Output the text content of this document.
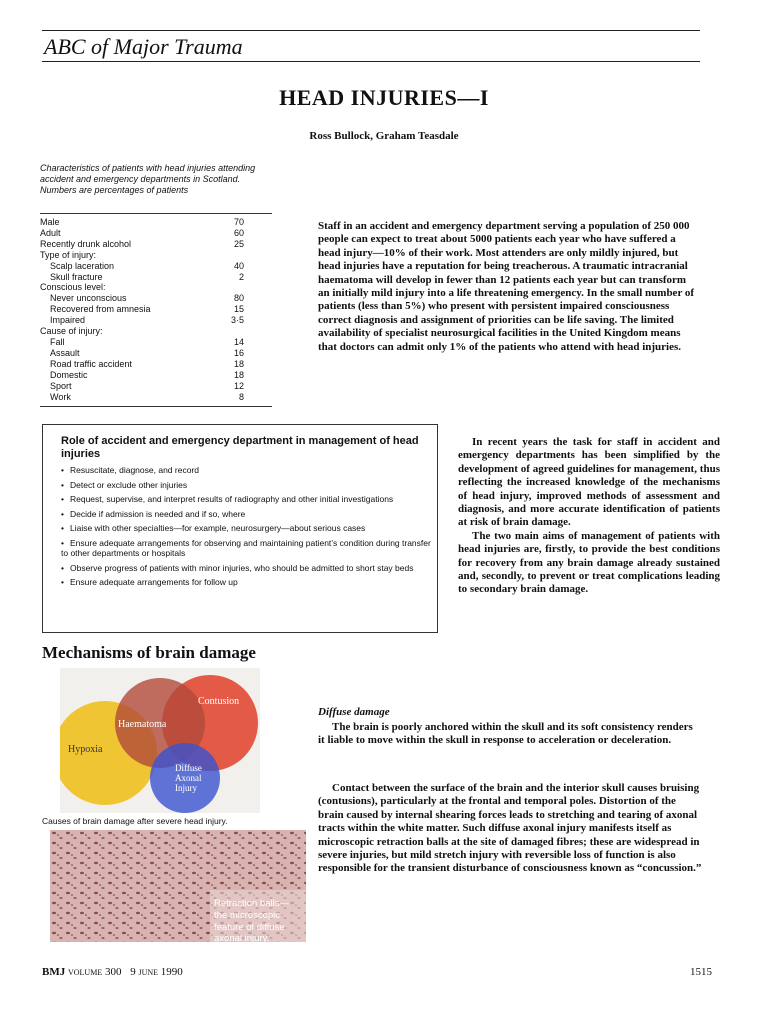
ABC of Major Trauma
HEAD INJURIES—I
Ross Bullock, Graham Teasdale
Characteristics of patients with head injuries attending accident and emergency departments in Scotland. Numbers are percentages of patients
Male	70
Adult	60
Recently drunk alcohol	25
Type of injury:
Scalp laceration	40
Skull fracture	2
Conscious level:
Never unconscious	80
Recovered from amnesia	15
Impaired	3·5
Cause of injury:
Fall	14
Assault	16
Road traffic accident	18
Domestic	18
Sport	12
Work	8
Staff in an accident and emergency department serving a population of 250 000 people can expect to treat about 5000 patients each year who have suffered a head injury—10% of their work. Most attenders are only mildly injured, but head injuries have a reputation for being treacherous. A traumatic intracranial haematoma will develop in fewer than 12 patients each year but can transform an initially mild injury into a life threatening emergency. In the small number of patients (less than 5%) who present with persistent impaired consciousness correct diagnosis and assignment of priorities can be life saving. The limited availability of specialist neurosurgical facilities in the United Kingdom means that doctors can admit only 1% of the patients who attend with head injuries.
Role of accident and emergency department in management of head injuries
• Resuscitate, diagnose, and record
• Detect or exclude other injuries
• Request, supervise, and interpret results of radiography and other initial investigations
• Decide if admission is needed and if so, where
• Liaise with other specialties—for example, neurosurgery—about serious cases
• Ensure adequate arrangements for observing and maintaining patient’s condition during transfer to other departments or hospitals
• Observe progress of patients with minor injuries, who should be admitted to short stay beds
• Ensure adequate arrangements for follow up

In recent years the task for staff in accident and emergency departments has been simplified by the development of agreed guidelines for management, thus reflecting the increased knowledge of the mechanisms of head injury, improved methods of assessment and diagnosis, and more accurate identification of patients at risk of brain damage.

The two main aims of management of patients with head injuries are, firstly, to provide the best conditions for recovery from any brain damage already sustained and, secondly, to prevent or treat complications leading to secondary brain damage.

Mechanisms of brain damage
Contusion
Haematoma
Hypoxia
Diffuse
Axonal
Injury
Causes of brain damage after severe head injury.
Retraction balls—
the microscopic
feature of diffuse
axonal injury.
Diffuse damage
The brain is poorly anchored within the skull and its soft consistency renders it liable to move within the skull in response to acceleration or deceleration.
Contact between the surface of the brain and the interior skull causes bruising (contusions), particularly at the frontal and temporal poles. Distortion of the brain caused by internal shearing forces leads to stretching and tearing of axonal tracts within the white matter. Such diffuse axonal injury manifests itself as microscopic retraction balls at the site of damaged fibres; these are widespread in severe injuries, but mild stretch injury with reversible loss of function is also responsible for the transient disturbance of consciousness known as “concussion.”
BMJ volume 300 9 june 1990	1515
